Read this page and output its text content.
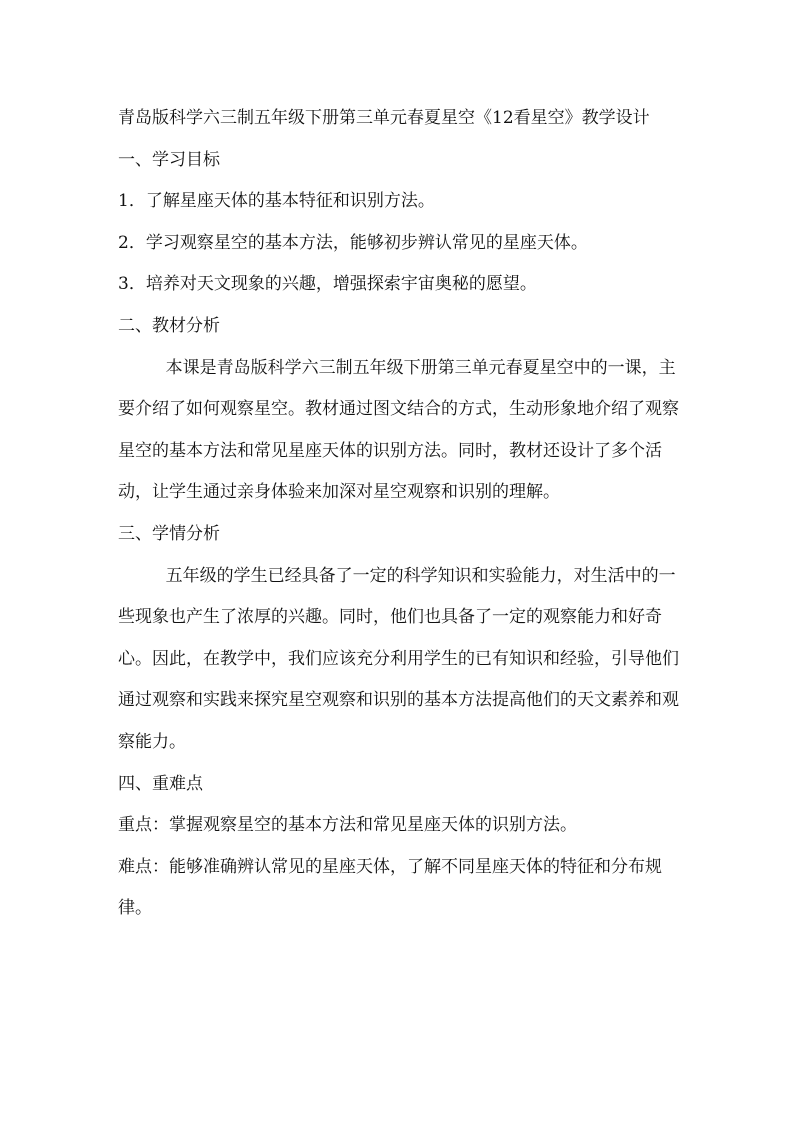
青岛版科学六三制五年级下册第三单元春夏星空《12看星空》教学设计

一、学习目标

1．了解星座天体的基本特征和识别方法。

2．学习观察星空的基本方法，能够初步辨认常见的星座天体。

3．培养对天文现象的兴趣，增强探索宇宙奥秘的愿望。

二、教材分析

本课是青岛版科学六三制五年级下册第三单元春夏星空中的一课，主要介绍了如何观察星空。教材通过图文结合的方式，生动形象地介绍了观察星空的基本方法和常见星座天体的识别方法。同时，教材还设计了多个活动，让学生通过亲身体验来加深对星空观察和识别的理解。

三、学情分析

五年级的学生已经具备了一定的科学知识和实验能力，对生活中的一些现象也产生了浓厚的兴趣。同时，他们也具备了一定的观察能力和好奇心。因此，在教学中，我们应该充分利用学生的已有知识和经验，引导他们通过观察和实践来探究星空观察和识别的基本方法提高他们的天文素养和观察能力。

四、重难点

重点：掌握观察星空的基本方法和常见星座天体的识别方法。

难点：能够准确辨认常见的星座天体，了解不同星座天体的特征和分布规律。
